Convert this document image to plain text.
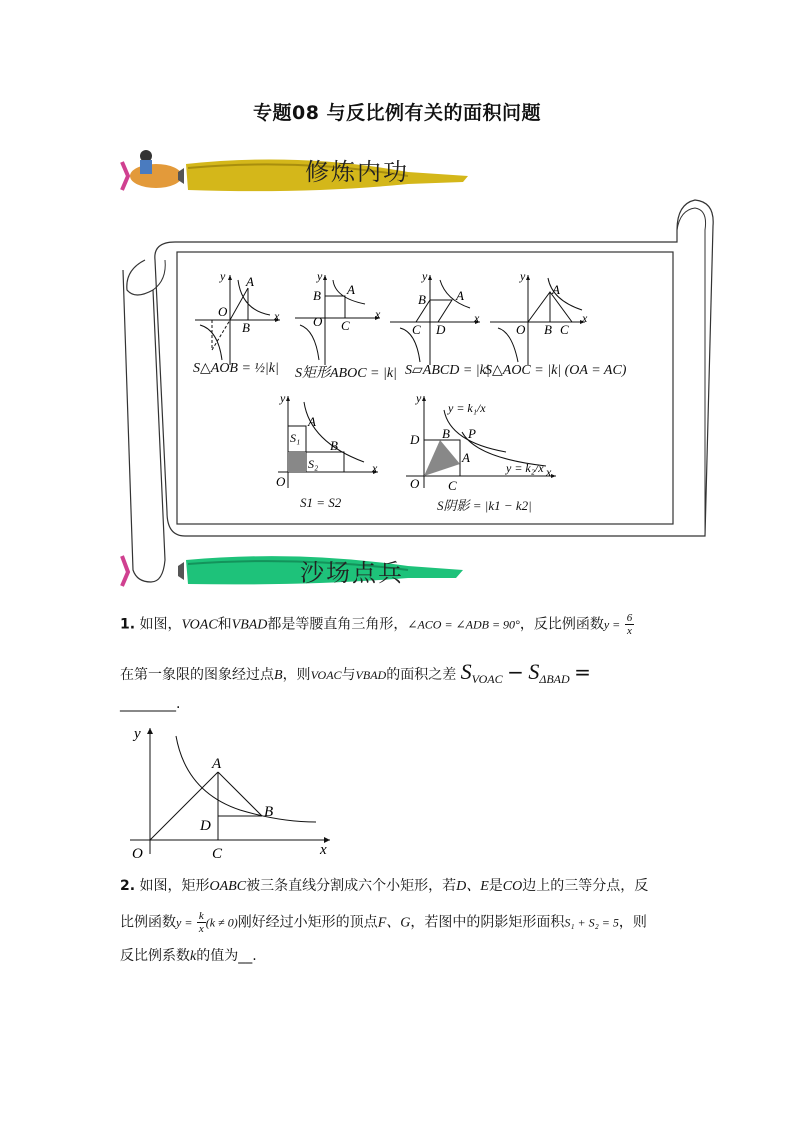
专题08 与反比例有关的面积问题
修炼内功
A
O
B
y
x
A
B
O C
y
x
A
B
C D
y
x
A
O B C
y
x
S△AOB = ½|k| S矩形ABOC = |k| S▱ABCD = |k|
S△AOC = |k| (OA = AC)
A
B
S₁
S₂
O
y
x
B P
A
D
C
O
y = k₁/x
y = k₂/x
y
x
S1 = S2	S阴影 = |k1 − k2|
沙场点兵
1. 如图，VOAC和VBAD都是等腰直角三角形，∠ACO = ∠ADB = 90°，反比例函数$y = \frac{6}{x}$
在第一象限的图象经过点B，则VOAC与VBAD的面积之差 $S_{VOAC} - S_{\Delta BAD}$ =
________.
A
B
D
C
O
y
x
2. 如图，矩形OABC被三条直线分割成六个小矩形，若D、E是CO边上的三等分点，反
比例函数$y = \frac{k}{x} (k \ne 0)$刚好经过小矩形的顶点F、G，若图中的阴影矩形面积S₁ + S₂ = 5，则
反比例系数k的值为__.
